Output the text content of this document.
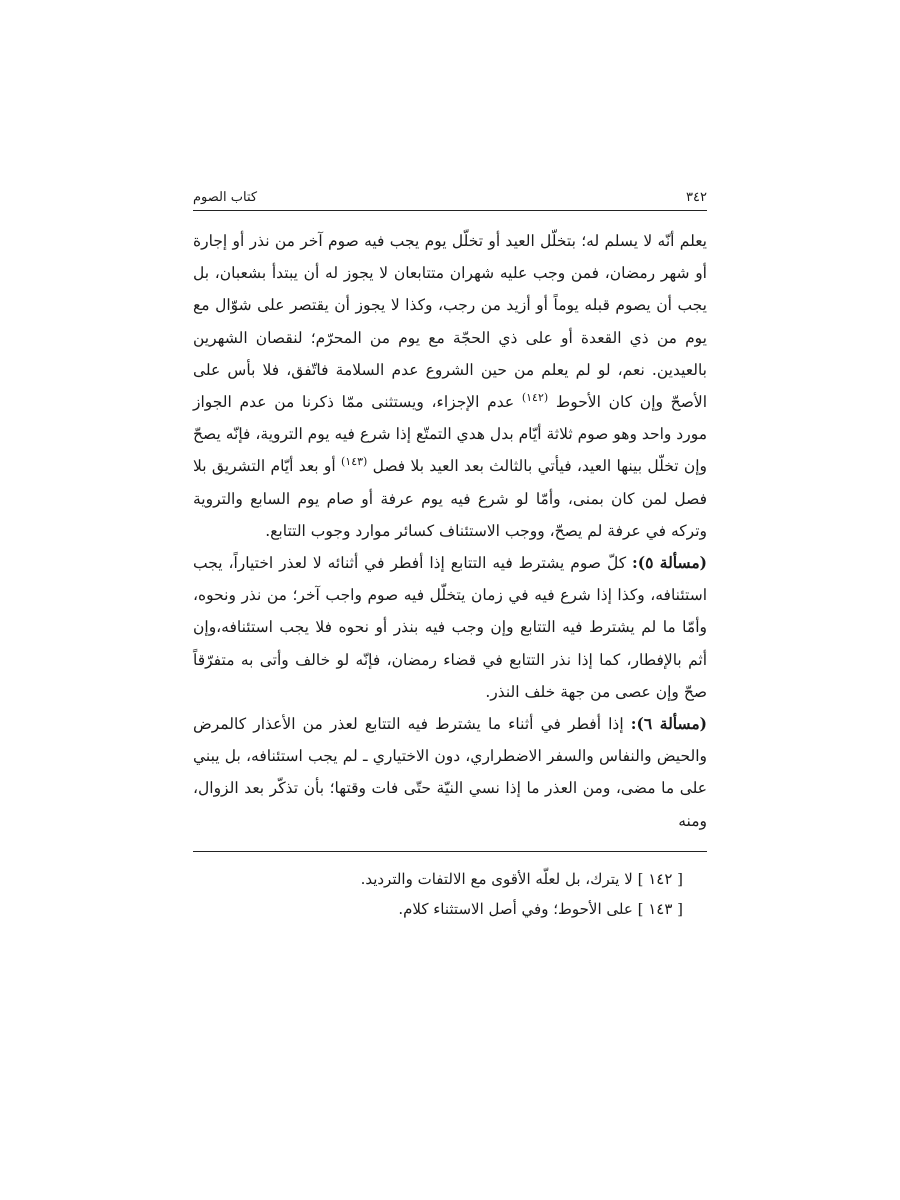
٣٤٢
كتاب الصوم

يعلم أنّه لا يسلم له؛ بتخلّل العيد أو تخلّل يوم يجب فيه صوم آخر من نذر أو إجارة أو شهر رمضان، فمن وجب عليه شهران متتابعان لا يجوز له أن يبتدأ بشعبان، بل يجب أن يصوم قبله يوماً أو أزيد من رجب، وكذا لا يجوز أن يقتصر على شوّال مع يوم من ذي القعدة أو على ذي الحجّة مع يوم من المحرّم؛ لنقصان الشهرين بالعيدين. نعم، لو لم يعلم من حين الشروع عدم السلامة فاتّفق، فلا بأس على الأصحّ وإن كان الأحوط $^{(١٤٢)}$ عدم الإجزاء، ويستثنى ممّا ذكرنا من عدم الجواز مورد واحد وهو صوم ثلاثة أيّام بدل هدي التمتّع إذا شرع فيه يوم التروية، فإنّه يصحّ وإن تخلّل بينها العيد، فيأتي بالثالث بعد العيد بلا فصل $^{(١٤٣)}$ أو بعد أيّام التشريق بلا فصل لمن كان بمنى، وأمّا لو شرع فيه يوم عرفة أو صام يوم السابع والتروية وتركه في عرفة لم يصحّ، ووجب الاستئناف كسائر موارد وجوب التتابع.

(مسألة ٥): كلّ صوم يشترط فيه التتابع إذا أفطر في أثنائه لا لعذر اختياراً، يجب استئنافه، وكذا إذا شرع فيه في زمان يتخلّل فيه صوم واجب آخر؛ من نذر ونحوه، وأمّا ما لم يشترط فيه التتابع وإن وجب فيه بنذر أو نحوه فلا يجب استئنافه،وإن أثم بالإفطار، كما إذا نذر التتابع في قضاء رمضان، فإنّه لو خالف وأتى به متفرّقاً صحّ وإن عصى من جهة خلف النذر.

(مسألة ٦): إذا أفطر في أثناء ما يشترط فيه التتابع لعذر من الأعذار كالمرض والحيض والنفاس والسفر الاضطراري، دون الاختياري ـ لم يجب استئنافه، بل يبني على ما مضى، ومن العذر ما إذا نسي النيّة حتّى فات وقتها؛ بأن تذكّر بعد الزوال، ومنه

[ ١٤٢ ] لا يترك، بل لعلّه الأقوى مع الالتفات والترديد.

[ ١٤٣ ] على الأحوط؛ وفي أصل الاستثناء كلام.
